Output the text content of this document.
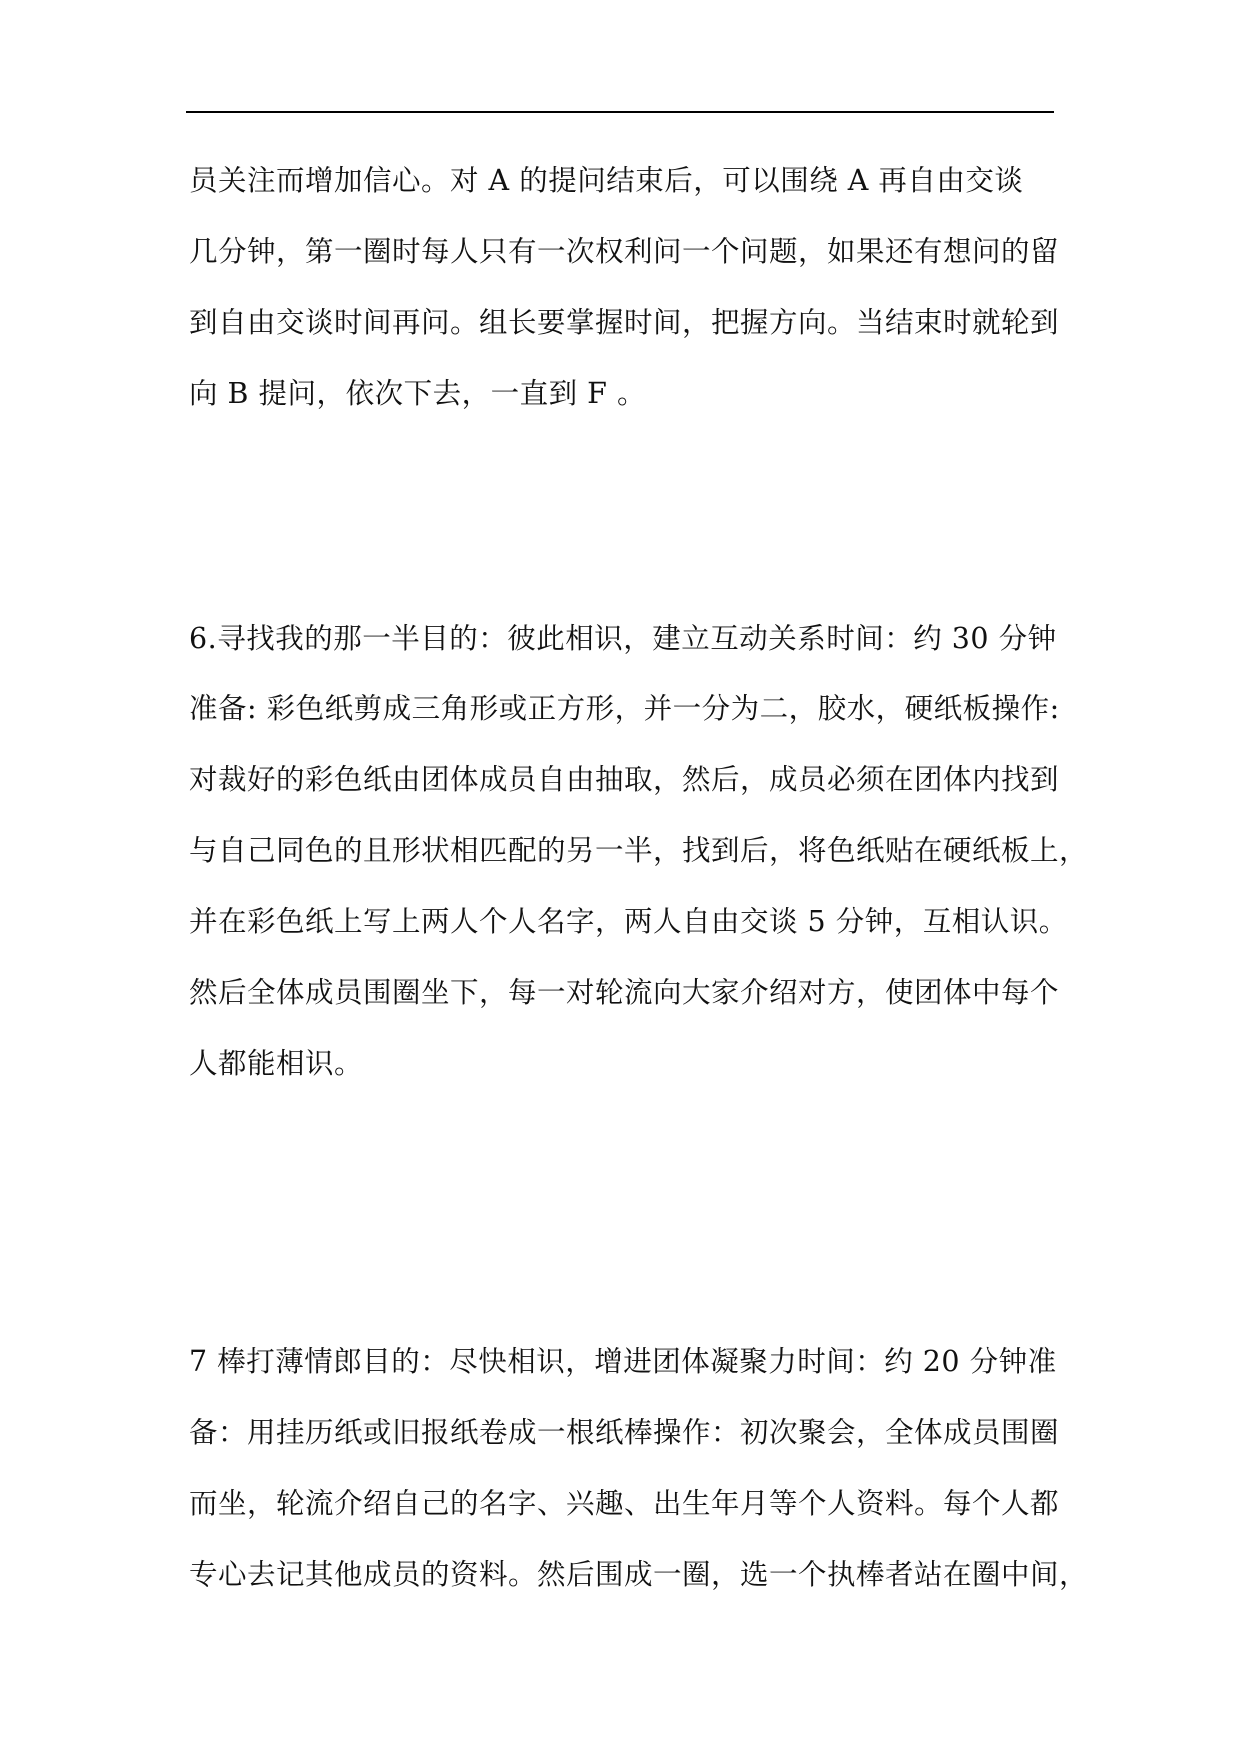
员关注而增加信心。对 A 的提问结束后，可以围绕 A 再自由交谈
几分钟，第一圈时每人只有一次权利问一个问题，如果还有想问的留
到自由交谈时间再问。组长要掌握时间，把握方向。当结束时就轮到
向 B 提问，依次下去，一直到 F 。
6.寻找我的那一半目的：彼此相识，建立互动关系时间：约 30 分钟
准备: 彩色纸剪成三角形或正方形，并一分为二，胶水，硬纸板操作:
对裁好的彩色纸由团体成员自由抽取，然后，成员必须在团体内找到
与自己同色的且形状相匹配的另一半，找到后，将色纸贴在硬纸板上，
并在彩色纸上写上两人个人名字，两人自由交谈 5 分钟，互相认识。
然后全体成员围圈坐下，每一对轮流向大家介绍对方，使团体中每个
人都能相识。
7 棒打薄情郎目的：尽快相识，增进团体凝聚力时间：约 20 分钟准
备：用挂历纸或旧报纸卷成一根纸棒操作：初次聚会，全体成员围圈
而坐，轮流介绍自己的名字、兴趣、出生年月等个人资料。每个人都
专心去记其他成员的资料。然后围成一圈，选一个执棒者站在圈中间，
